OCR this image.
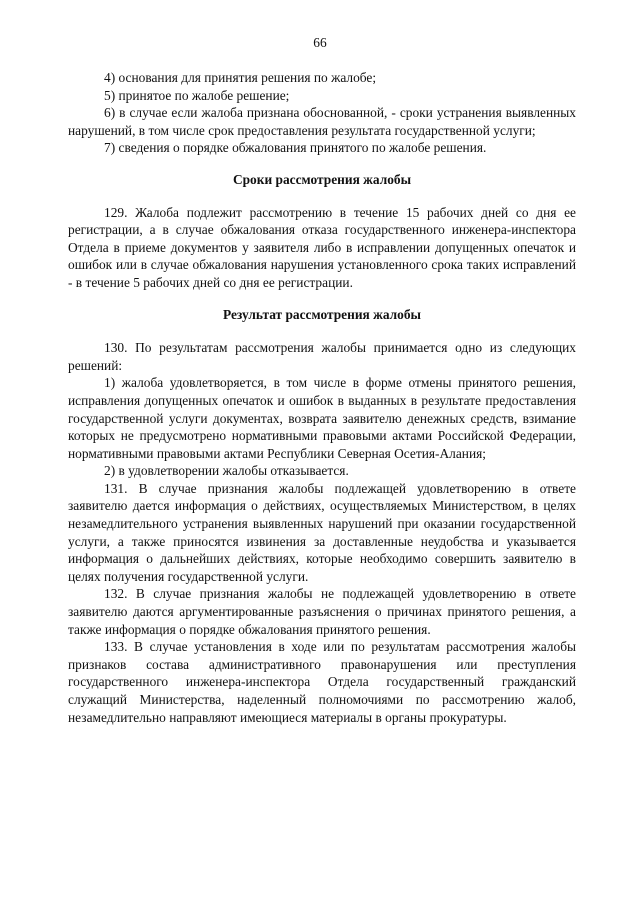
66

4) основания для принятия решения по жалобе;

5) принятое по жалобе решение;

6) в случае если жалоба признана обоснованной, - сроки устранения выявленных нарушений, в том числе срок предоставления результата государственной услуги;

7) сведения о порядке обжалования принятого по жалобе решения.

Сроки рассмотрения жалобы

129. Жалоба подлежит рассмотрению в течение 15 рабочих дней со дня ее регистрации, а в случае обжалования отказа государственного инженера-инспектора Отдела в приеме документов у заявителя либо в исправлении допущенных опечаток и ошибок или в случае обжалования нарушения установленного срока таких исправлений - в течение 5 рабочих дней со дня ее регистрации.

Результат рассмотрения жалобы

130. По результатам рассмотрения жалобы принимается одно из следующих решений:

1) жалоба удовлетворяется, в том числе в форме отмены принятого решения, исправления допущенных опечаток и ошибок в выданных в результате предоставления государственной услуги документах, возврата заявителю денежных средств, взимание которых не предусмотрено нормативными правовыми актами Российской Федерации, нормативными правовыми актами Республики Северная Осетия-Алания;

2) в удовлетворении жалобы отказывается.

131. В случае признания жалобы подлежащей удовлетворению в ответе заявителю дается информация о действиях, осуществляемых Министерством, в целях незамедлительного устранения выявленных нарушений при оказании государственной услуги, а также приносятся извинения за доставленные неудобства и указывается информация о дальнейших действиях, которые необходимо совершить заявителю в целях получения государственной услуги.

132. В случае признания жалобы не подлежащей удовлетворению в ответе заявителю даются аргументированные разъяснения о причинах принятого решения, а также информация о порядке обжалования принятого решения.

133. В случае установления в ходе или по результатам рассмотрения жалобы признаков состава административного правонарушения или преступления государственного инженера-инспектора Отдела государственный гражданский служащий Министерства, наделенный полномочиями по рассмотрению жалоб, незамедлительно направляют имеющиеся материалы в органы прокуратуры.
